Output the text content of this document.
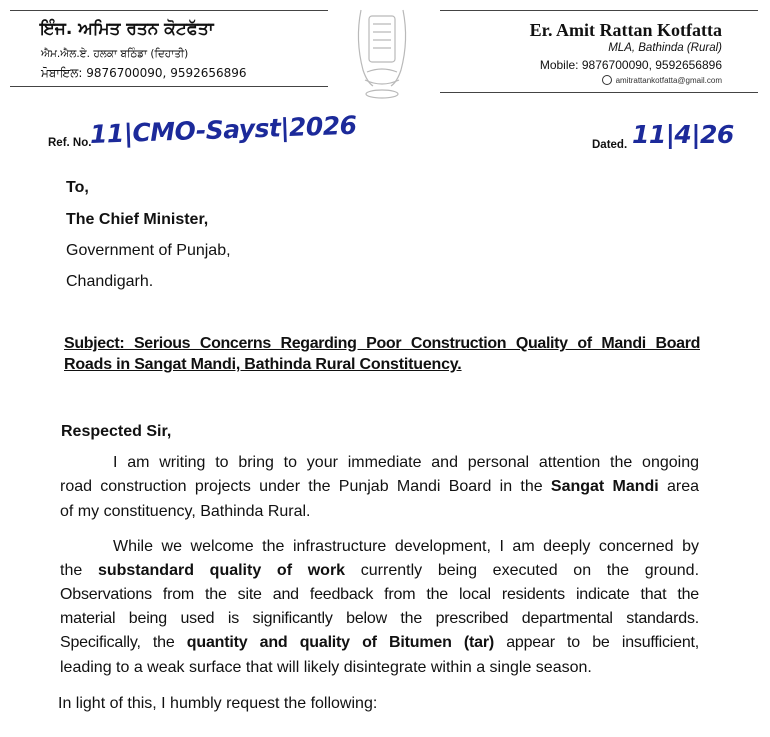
ਇੰਜ. ਅਮਿਤ ਰਤਨ ਕੋਟਫੱਤਾ
ਐਮ.ਐਲ.ਏ. ਹਲਕਾ ਬਠਿੰਡਾ (ਦਿਹਾਤੀ)
ਮੋਬਾਇਲ: 9876700090, 9592656896
Er. Amit Rattan Kotfatta
MLA, Bathinda (Rural)
Mobile: 9876700090, 9592656896
amitrattankotfatta@gmail.com
Ref. No.
11|CMO-Sayst|2026	Dated. 11|4|26
To,
The Chief Minister,
Government of Punjab,
Chandigarh.
Subject: Serious Concerns Regarding Poor Construction Quality of Mandi Board
Roads in Sangat Mandi, Bathinda Rural Constituency.
Respected Sir,
I am writing to bring to your immediate and personal attention the ongoing
road construction projects under the Punjab Mandi Board in the Sangat Mandi area
of my constituency, Bathinda Rural.
While we welcome the infrastructure development, I am deeply concerned by
the substandard quality of work currently being executed on the ground.
Observations from the site and feedback from the local residents indicate that the
material being used is significantly below the prescribed departmental standards.
Specifically, the quantity and quality of Bitumen (tar) appear to be insufficient,
leading to a weak surface that will likely disintegrate within a single season.
In light of this, I humbly request the following:
